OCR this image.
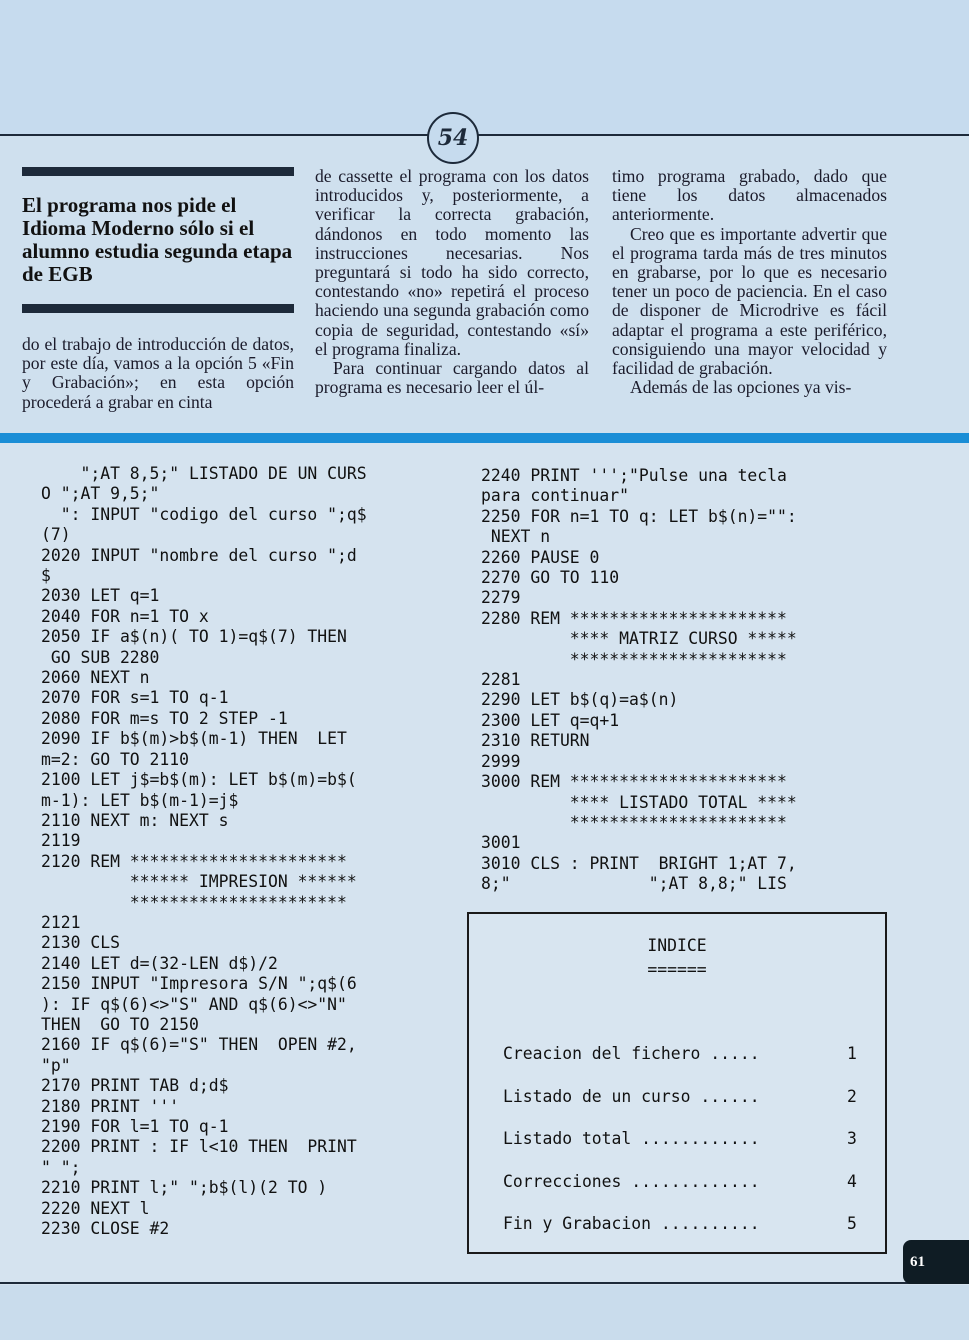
54
El programa nos pide el Idioma Moderno sólo si el alumno estudia segunda etapa de EGB

do el trabajo de introducción de datos, por este día, vamos a la opción 5 «Fin y Grabación»; en esta opción procederá a grabar en cinta

de cassette el programa con los datos introducidos y, posteriormente, a verificar la correcta grabación, dándonos en todo momento las instrucciones necesarias. Nos preguntará si todo ha sido correcto, contestando «no» repetirá el proceso haciendo una segunda grabación como copia de seguridad, contestando «sí» el programa finaliza.

Para continuar cargando datos al programa es necesario leer el úl-

timo programa grabado, dado que tiene los datos almacenados anteriormente.

Creo que es importante advertir que el programa tarda más de tres minutos en grabarse, por lo que es necesario tener un poco de paciencia. En el caso de disponer de Microdrive es fácil adaptar el programa a este periférico, consiguiendo una mayor velocidad y facilidad de grabación.

Además de las opciones ya vis-

";AT 8,5;" LISTADO DE UN CURS
O ";AT 9,5;"
": INPUT "codigo del curso ";q$
(7)
2020 INPUT "nombre del curso ";d
$
2030 LET q=1
2040 FOR n=1 TO x
2050 IF a$(n)( TO 1)=q$(7) THEN
GO SUB 2280
2060 NEXT n
2070 FOR s=1 TO q-1
2080 FOR m=s TO 2 STEP -1
2090 IF b$(m)>b$(m-1) THEN  LET
m=2: GO TO 2110
2100 LET j$=b$(m): LET b$(m)=b$(
m-1): LET b$(m-1)=j$
2110 NEXT m: NEXT s
2119
2120 REM **********************
****** IMPRESION ******
**********************
2121
2130 CLS
2140 LET d=(32-LEN d$)/2
2150 INPUT "Impresora S/N ";q$(6
): IF q$(6)<>"S" AND q$(6)<>"N"
THEN  GO TO 2150
2160 IF q$(6)="S" THEN  OPEN #2,
"p"
2170 PRINT TAB d;d$
2180 PRINT '''
2190 FOR l=1 TO q-1
2200 PRINT : IF l<10 THEN  PRINT
" ";
2210 PRINT l;" ";b$(l)(2 TO )
2220 NEXT l
2230 CLOSE #2
2240 PRINT ''';"Pulse una tecla
para continuar"
2250 FOR n=1 TO q: LET b$(n)="":
NEXT n
2260 PAUSE 0
2270 GO TO 110
2279
2280 REM **********************
**** MATRIZ CURSO *****
**********************
2281
2290 LET b$(q)=a$(n)
2300 LET q=q+1
2310 RETURN
2999
3000 REM **********************
**** LISTADO TOTAL ****
**********************
3001
3010 CLS : PRINT  BRIGHT 1;AT 7,
8;"              ";AT 8,8;" LIS
INDICE
======
Creacion del fichero .....	1
Listado de un curso ......	2
Listado total ............	3
Correcciones .............	4
Fin y Grabacion ..........	5
61
